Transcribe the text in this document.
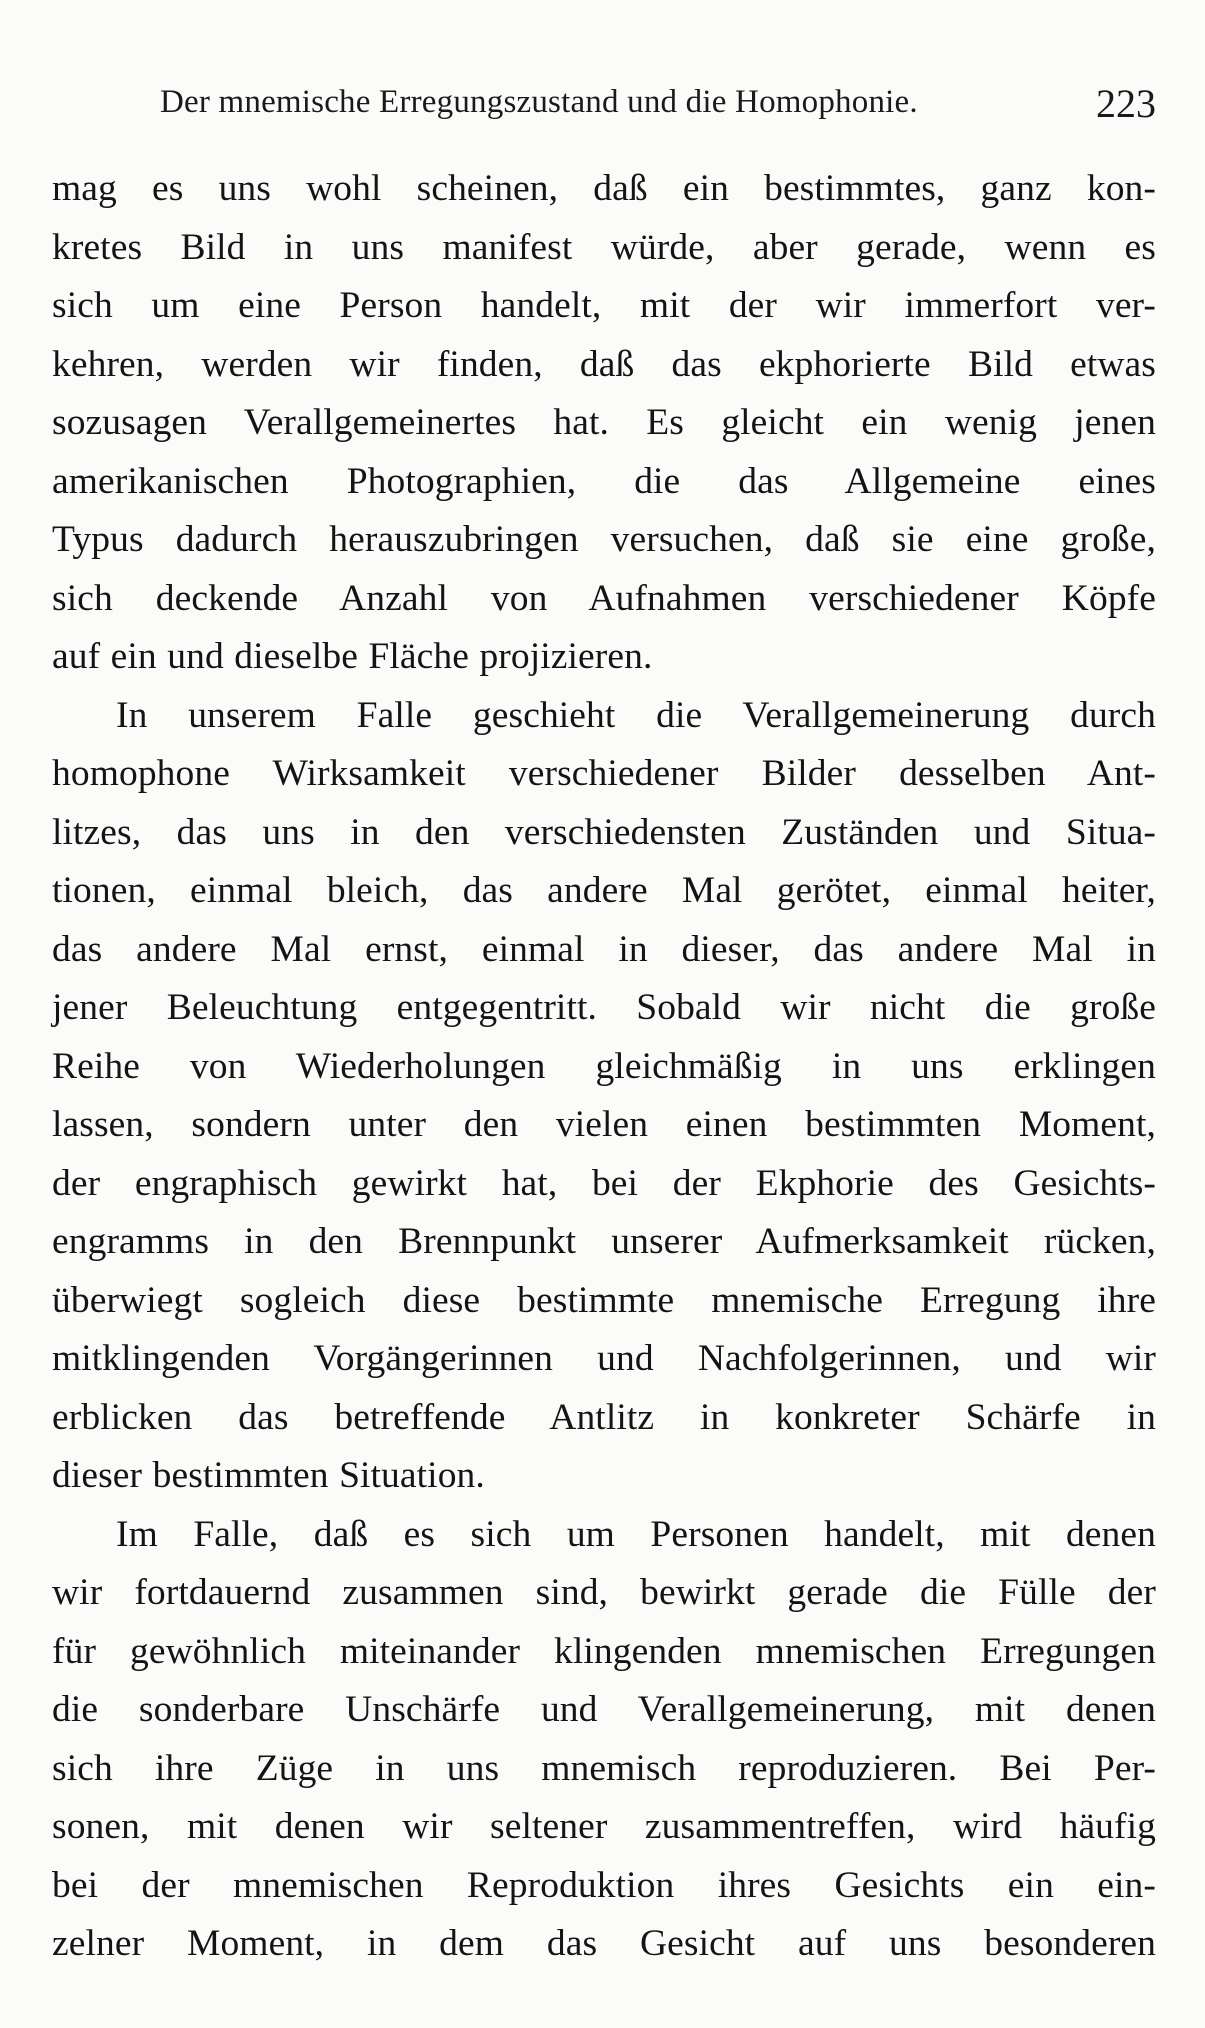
Der mnemische Erregungszustand und die Homophonie.	223
mag es uns wohl scheinen, daß ein bestimmtes, ganz kon-
kretes Bild in uns manifest würde, aber gerade, wenn es
sich um eine Person handelt, mit der wir immerfort ver-
kehren, werden wir finden, daß das ekphorierte Bild etwas
sozusagen Verallgemeinertes hat. Es gleicht ein wenig jenen
amerikanischen Photographien, die das Allgemeine eines
Typus dadurch herauszubringen versuchen, daß sie eine große,
sich deckende Anzahl von Aufnahmen verschiedener Köpfe
auf ein und dieselbe Fläche projizieren.
In unserem Falle geschieht die Verallgemeinerung durch
homophone Wirksamkeit verschiedener Bilder desselben Ant-
litzes, das uns in den verschiedensten Zuständen und Situa-
tionen, einmal bleich, das andere Mal gerötet, einmal heiter,
das andere Mal ernst, einmal in dieser, das andere Mal in
jener Beleuchtung entgegentritt. Sobald wir nicht die große
Reihe von Wiederholungen gleichmäßig in uns erklingen
lassen, sondern unter den vielen einen bestimmten Moment,
der engraphisch gewirkt hat, bei der Ekphorie des Gesichts-
engramms in den Brennpunkt unserer Aufmerksamkeit rücken,
überwiegt sogleich diese bestimmte mnemische Erregung ihre
mitklingenden Vorgängerinnen und Nachfolgerinnen, und wir
erblicken das betreffende Antlitz in konkreter Schärfe in
dieser bestimmten Situation.
Im Falle, daß es sich um Personen handelt, mit denen
wir fortdauernd zusammen sind, bewirkt gerade die Fülle der
für gewöhnlich miteinander klingenden mnemischen Erregungen
die sonderbare Unschärfe und Verallgemeinerung, mit denen
sich ihre Züge in uns mnemisch reproduzieren. Bei Per-
sonen, mit denen wir seltener zusammentreffen, wird häufig
bei der mnemischen Reproduktion ihres Gesichts ein ein-
zelner Moment, in dem das Gesicht auf uns besonderen
